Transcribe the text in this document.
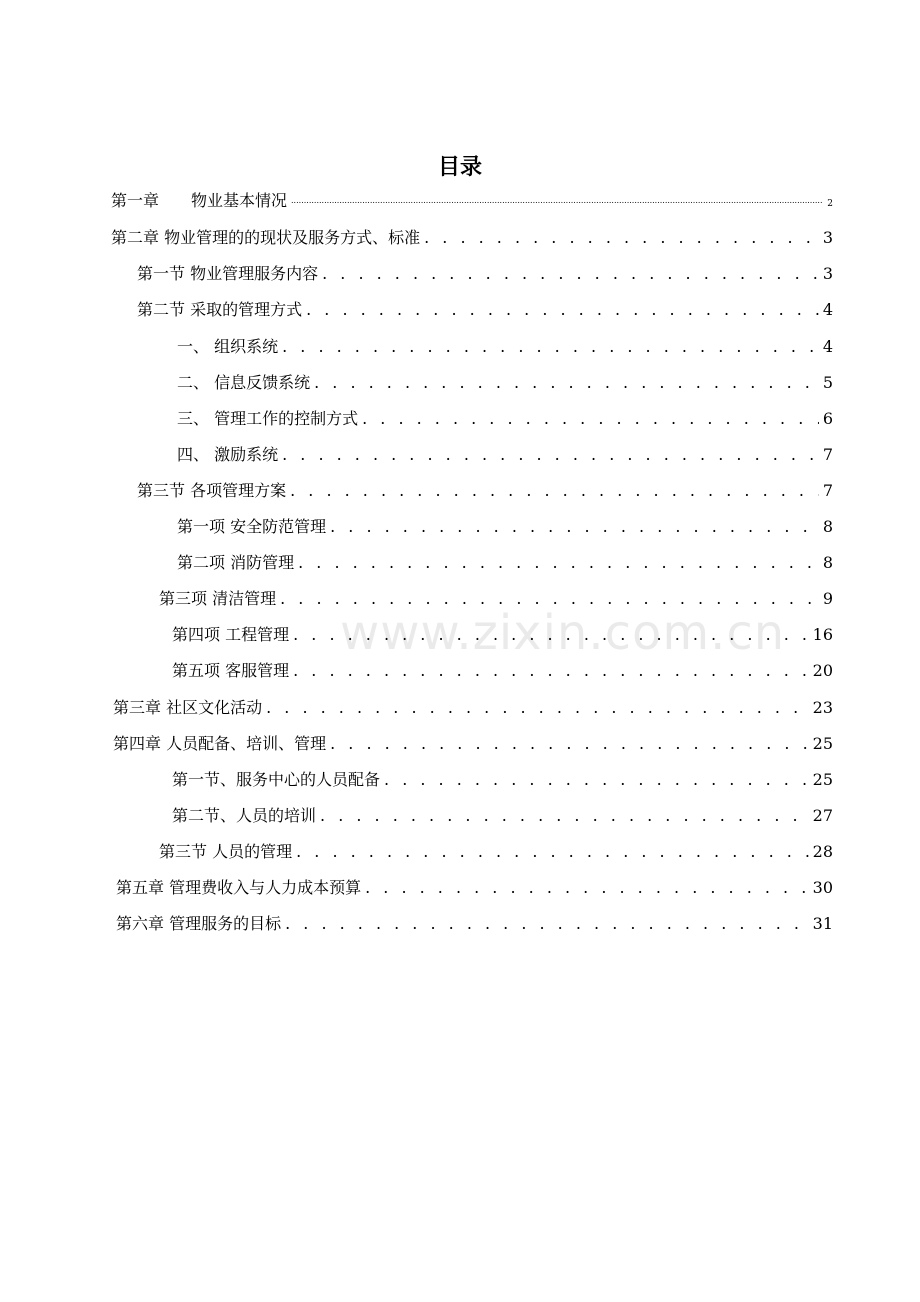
目录
第一章　　物业基本情况 .....	2
第二章 物业管理的的现状及服务方式、标准 . . .	3
第一节 物业管理服务内容 . . .	3
第二节 采取的管理方式 . . .	4
一、 组织系统 . . .	4
二、 信息反馈系统 . . .	5
三、 管理工作的控制方式 . . .	6
四、 激励系统 . . .	7
第三节 各项管理方案 . . .	7
第一项 安全防范管理 . . .	8
第二项 消防管理 . . .	8
第三项 清洁管理 . . .	9
第四项 工程管理 . . .	16
第五项 客服管理 . . .	20
第三章 社区文化活动 . . .	23
第四章 人员配备、培训、管理 . . .	25
第一节、服务中心的人员配备 . . .	25
第二节、人员的培训 . . .	27
第三节 人员的管理 . . .	28
第五章 管理费收入与人力成本预算 . . .	30
第六章 管理服务的目标 . . .	31
www.zixin.com.cn
